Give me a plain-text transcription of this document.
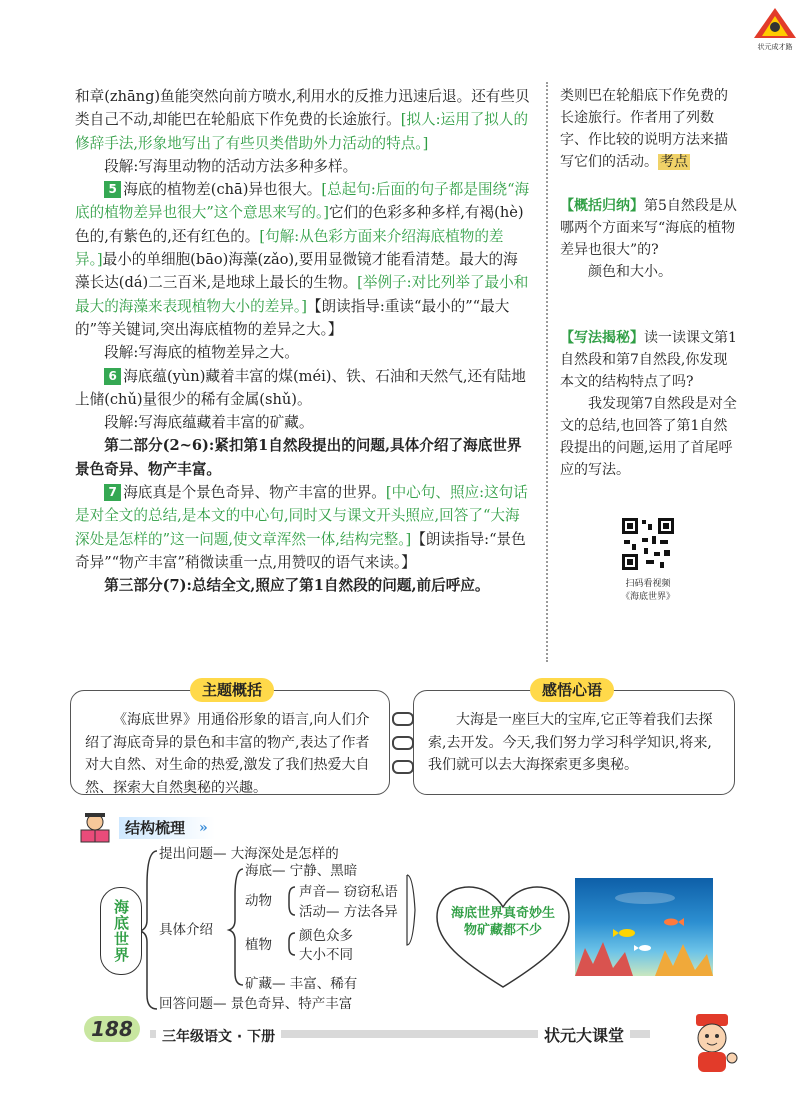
状元成才路

和章(zhāng)鱼能突然向前方喷水,利用水的反推力迅速后退。还有些贝类自己不动,却能巴在轮船底下作免费的长途旅行。[拟人:运用了拟人的修辞手法,形象地写出了有些贝类借助外力活动的特点。]

段解:写海里动物的活动方法多种多样。

5 海底的植物差(chā)异也很大。[总起句:后面的句子都是围绕“海底的植物差异也很大”这个意思来写的。]它们的色彩多种多样,有褐(hè)色的,有紫色的,还有红色的。[句解:从色彩方面来介绍海底植物的差异。]最小的单细胞(bāo)海藻(zǎo),要用显微镜才能看清楚。最大的海藻长达(dá)二三百米,是地球上最长的生物。[举例子:对比列举了最小和最大的海藻来表现植物大小的差异。]【朗读指导:重读“最小的”“最大的”等关键词,突出海底植物的差异之大。】

段解:写海底的植物差异之大。

6 海底蕴(yùn)藏着丰富的煤(méi)、铁、石油和天然气,还有陆地上储(chǔ)量很少的稀有金属(shǔ)。

段解:写海底蕴藏着丰富的矿藏。

第二部分(2~6):紧扣第1自然段提出的问题,具体介绍了海底世界景色奇异、物产丰富。

7 海底真是个景色奇异、物产丰富的世界。[中心句、照应:这句话是对全文的总结,是本文的中心句,同时又与课文开头照应,回答了“大海深处是怎样的”这一问题,使文章浑然一体,结构完整。]【朗读指导:“景色奇异”“物产丰富”稍微读重一点,用赞叹的语气来读。】

第三部分(7):总结全文,照应了第1自然段的问题,前后呼应。

类则巴在轮船底下作免费的长途旅行。作者用了列数字、作比较的说明方法来描写它们的活动。 考点

【概括归纳】第5自然段是从哪两个方面来写“海底的植物差异也很大”的?

颜色和大小。

【写法揭秘】读一读课文第1自然段和第7自然段,你发现本文的结构特点了吗?

我发现第7自然段是对全文的总结,也回答了第1自然段提出的问题,运用了首尾呼应的写法。

扫码看视频
《海底世界》
《海底世界》用通俗形象的语言,向人们介绍了海底奇异的景色和丰富的物产,表达了作者对大自然、对生命的热爱,激发了我们热爱大自然、探索大自然奥秘的兴趣。
主题概括
大海是一座巨大的宝库,它正等着我们去探索,去开发。今天,我们努力学习科学知识,将来,我们就可以去大海探索更多奥秘。
感悟心语
结构梳理 »
海底世界
提出问题— 大海深处是怎样的
具体介绍
海底— 宁静、黑暗
动物
声音— 窃窃私语
活动— 方法各异
植物
颜色众多
大小不同
矿藏— 丰富、稀有
回答问题— 景色奇异、特产丰富
海底世界真奇妙生物矿藏都不少
188	三年级语文 · 下册	状元大课堂
